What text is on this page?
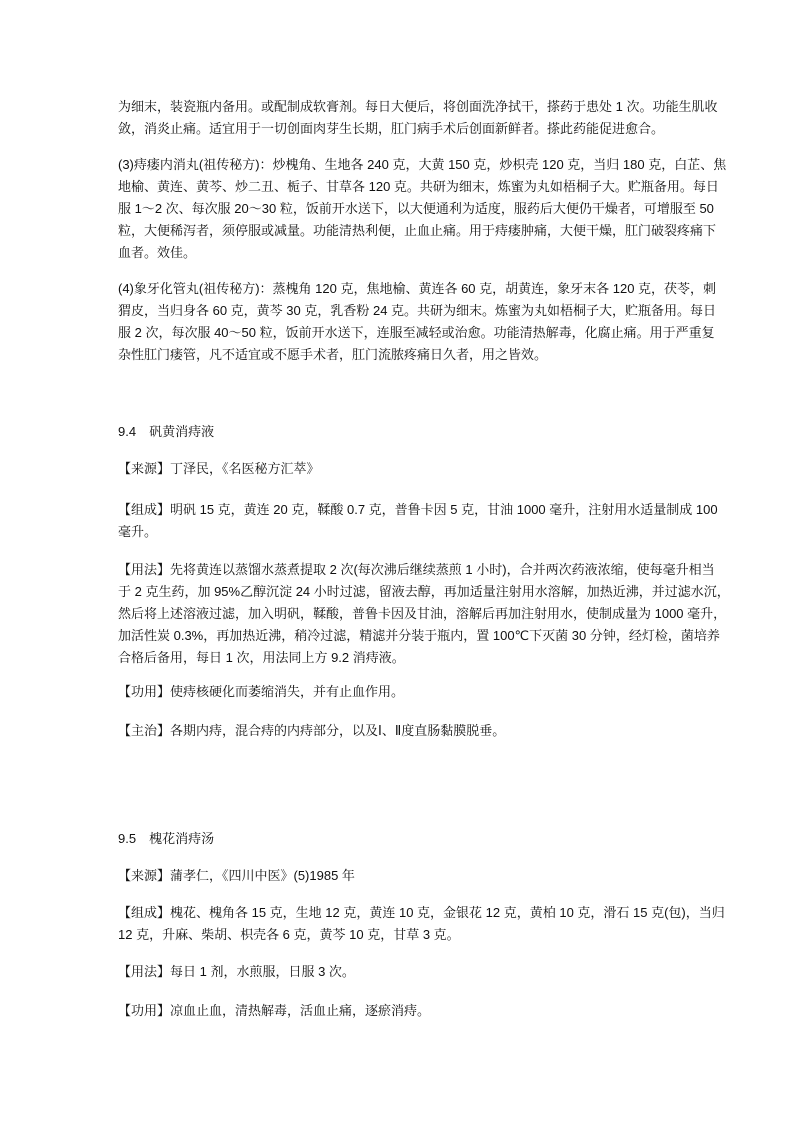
为细末，装瓷瓶内备用。或配制成软膏剂。每日大便后，将创面洗净拭干，搽药于患处 1 次。功能生肌收
敛，消炎止痛。适宜用于一切创面肉芽生长期，肛门病手术后创面新鲜者。搽此药能促进愈合。
(3)痔瘘内消丸(祖传秘方)：炒槐角、生地各 240 克，大黄 150 克，炒枳壳 120 克，当归 180 克，白芷、焦
地榆、黄连、黄芩、炒二丑、栀子、甘草各 120 克。共研为细末，炼蜜为丸如梧桐子大。贮瓶备用。每日
服 1～2 次、每次服 20～30 粒，饭前开水送下，以大便通利为适度，服药后大便仍干燥者，可增服至 50
粒，大便稀泻者，须停服或减量。功能清热利便，止血止痛。用于痔瘘肿痛，大便干燥，肛门破裂疼痛下
血者。效佳。
(4)象牙化管丸(祖传秘方)：蒸槐角 120 克，焦地榆、黄连各 60 克，胡黄连，象牙末各 120 克，茯苓，刺
猬皮，当归身各 60 克，黄芩 30 克，乳香粉 24 克。共研为细末。炼蜜为丸如梧桐子大，贮瓶备用。每日
服 2 次，每次服 40～50 粒，饭前开水送下，连服至减轻或治愈。功能清热解毒，化腐止痛。用于严重复
杂性肛门瘘管，凡不适宜或不愿手术者，肛门流脓疼痛日久者，用之皆效。
9.4　矾黄消痔液
【来源】丁泽民，《名医秘方汇萃》
【组成】明矾 15 克，黄连 20 克，鞣酸 0.7 克，普鲁卡因 5 克，甘油 1000 毫升，注射用水适量制成 100
毫升。
【用法】先将黄连以蒸馏水蒸煮提取 2 次(每次沸后继续蒸煎 1 小时)，合并两次药液浓缩，使每毫升相当
于 2 克生药，加 95%乙醇沉淀 24 小时过滤，留液去醇，再加适量注射用水溶解，加热近沸，并过滤水沉，
然后将上述溶液过滤，加入明矾，鞣酸，普鲁卡因及甘油，溶解后再加注射用水，使制成量为 1000 毫升，
加活性炭 0.3%，再加热近沸，稍冷过滤，精滤并分装于瓶内，置 100℃下灭菌 30 分钟，经灯检，菌培养
合格后备用，每日 1 次，用法同上方 9.2 消痔液。
【功用】使痔核硬化而萎缩消失，并有止血作用。
【主治】各期内痔，混合痔的内痔部分，以及Ⅰ、Ⅱ度直肠黏膜脱垂。
9.5　槐花消痔汤
【来源】蒲孝仁，《四川中医》(5)1985 年
【组成】槐花、槐角各 15 克，生地 12 克，黄连 10 克，金银花 12 克，黄柏 10 克，滑石 15 克(包)，当归
12 克，升麻、柴胡、枳壳各 6 克，黄芩 10 克，甘草 3 克。
【用法】每日 1 剂，水煎服，日服 3 次。
【功用】凉血止血，清热解毒，活血止痛，逐瘀消痔。
